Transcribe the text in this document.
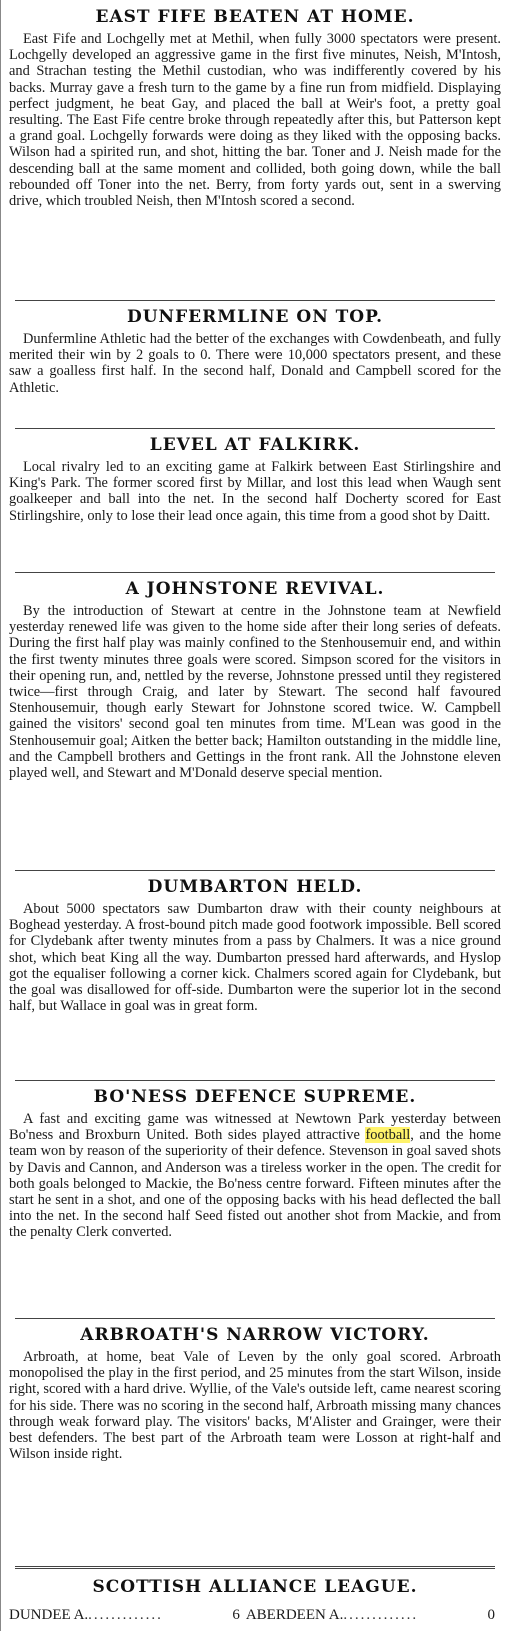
EAST FIFE BEATEN AT HOME.

East Fife and Lochgelly met at Methil, when fully 3000 spectators were present. Lochgelly developed an aggressive game in the first five minutes, Neish, M'Intosh, and Strachan testing the Methil custodian, who was indifferently covered by his backs. Murray gave a fresh turn to the game by a fine run from midfield. Displaying perfect judgment, he beat Gay, and placed the ball at Weir's foot, a pretty goal resulting. The East Fife centre broke through repeatedly after this, but Patterson kept a grand goal. Lochgelly forwards were doing as they liked with the opposing backs. Wilson had a spirited run, and shot, hitting the bar. Toner and J. Neish made for the descending ball at the same moment and collided, both going down, while the ball rebounded off Toner into the net. Berry, from forty yards out, sent in a swerving drive, which troubled Neish, then M'Intosh scored a second.

DUNFERMLINE ON TOP.

Dunfermline Athletic had the better of the exchanges with Cowdenbeath, and fully merited their win by 2 goals to 0. There were 10,000 spectators present, and these saw a goalless first half. In the second half, Donald and Campbell scored for the Athletic.

LEVEL AT FALKIRK.

Local rivalry led to an exciting game at Falkirk between East Stirlingshire and King's Park. The former scored first by Millar, and lost this lead when Waugh sent goalkeeper and ball into the net. In the second half Docherty scored for East Stirlingshire, only to lose their lead once again, this time from a good shot by Daitt.

A JOHNSTONE REVIVAL.

By the introduction of Stewart at centre in the Johnstone team at Newfield yesterday renewed life was given to the home side after their long series of defeats. During the first half play was mainly confined to the Stenhousemuir end, and within the first twenty minutes three goals were scored. Simpson scored for the visitors in their opening run, and, nettled by the reverse, Johnstone pressed until they registered twice—first through Craig, and later by Stewart. The second half favoured Stenhousemuir, though early Stewart for Johnstone scored twice. W. Campbell gained the visitors' second goal ten minutes from time. M'Lean was good in the Stenhousemuir goal; Aitken the better back; Hamilton outstanding in the middle line, and the Campbell brothers and Gettings in the front rank. All the Johnstone eleven played well, and Stewart and M'Donald deserve special mention.

DUMBARTON HELD.

About 5000 spectators saw Dumbarton draw with their county neighbours at Boghead yesterday. A frost-bound pitch made good footwork impossible. Bell scored for Clydebank after twenty minutes from a pass by Chalmers. It was a nice ground shot, which beat King all the way. Dumbarton pressed hard afterwards, and Hyslop got the equaliser following a corner kick. Chalmers scored again for Clydebank, but the goal was disallowed for off-side. Dumbarton were the superior lot in the second half, but Wallace in goal was in great form.

BO'NESS DEFENCE SUPREME.

A fast and exciting game was witnessed at Newtown Park yesterday between Bo'ness and Broxburn United. Both sides played attractive football, and the home team won by reason of the superiority of their defence. Stevenson in goal saved shots by Davis and Cannon, and Anderson was a tireless worker in the open. The credit for both goals belonged to Mackie, the Bo'ness centre forward. Fifteen minutes after the start he sent in a shot, and one of the opposing backs with his head deflected the ball into the net. In the second half Seed fisted out another shot from Mackie, and from the penalty Clerk converted.

ARBROATH'S NARROW VICTORY.

Arbroath, at home, beat Vale of Leven by the only goal scored. Arbroath monopolised the play in the first period, and 25 minutes from the start Wilson, inside right, scored with a hard drive. Wyllie, of the Vale's outside left, came nearest scoring for his side. There was no scoring in the second half, Arbroath missing many chances through weak forward play. The visitors' backs, M'Alister and Grainger, were their best defenders. The best part of the Arbroath team were Losson at right-half and Wilson inside right.

SCOTTISH ALLIANCE LEAGUE.
DUNDEE A. .............	6 ABERDEEN A. .............	0
